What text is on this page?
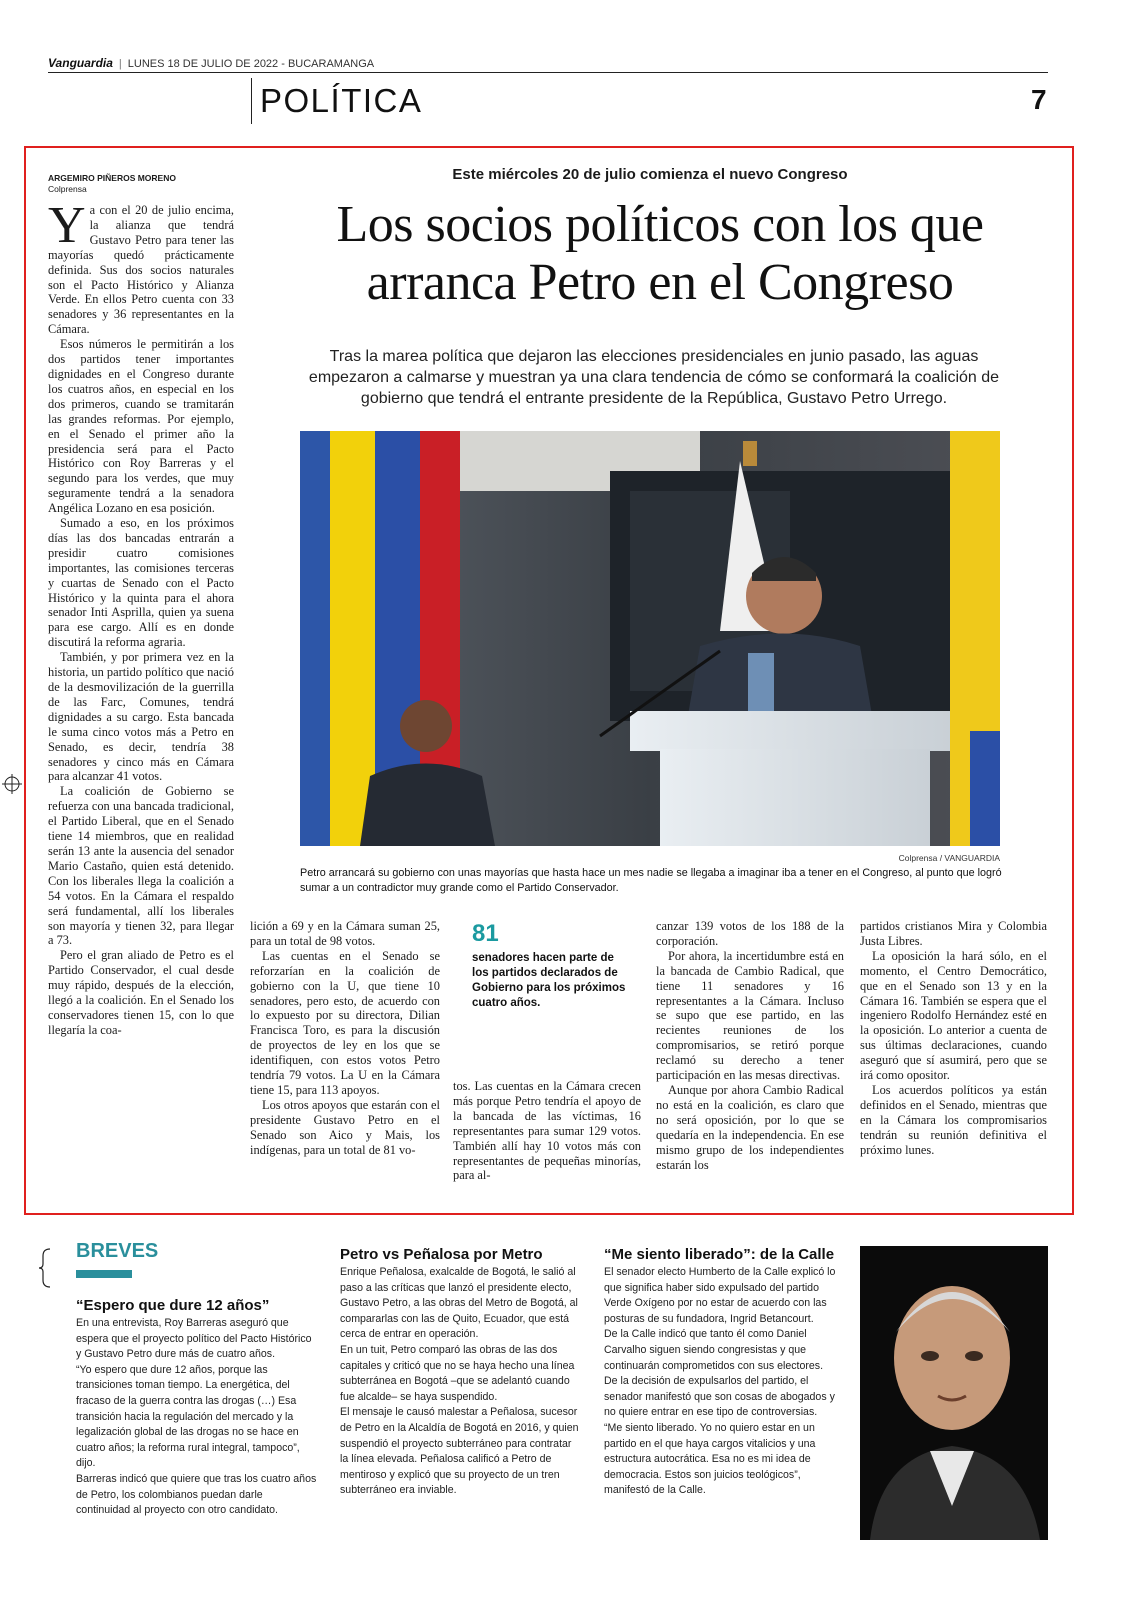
Vanguardia | LUNES 18 DE JULIO DE 2022 - BUCARAMANGA
POLÍTICA	7
ARGEMIRO PIÑEROS MORENO
Colprensa
Este miércoles 20 de julio comienza el nuevo Congreso
Los socios políticos con los que arranca Petro en el Congreso
Tras la marea política que dejaron las elecciones presidenciales en junio pasado, las aguas empezaron a calmarse y muestran ya una clara tendencia de cómo se conformará la coalición de gobierno que tendrá el entrante presidente de la República, Gustavo Petro Urrego.

Ya con el 20 de julio encima, la alianza que tendrá Gustavo Petro para tener las mayorías quedó prácticamente definida. Sus dos socios naturales son el Pacto Histórico y Alianza Verde. En ellos Petro cuenta con 33 senadores y 36 representantes en la Cámara.

Esos números le permitirán a los dos partidos tener importantes dignidades en el Congreso durante los cuatros años, en especial en los dos primeros, cuando se tramitarán las grandes reformas. Por ejemplo, en el Senado el primer año la presidencia será para el Pacto Histórico con Roy Barreras y el segundo para los verdes, que muy seguramente tendrá a la senadora Angélica Lozano en esa posición.

Sumado a eso, en los próximos días las dos bancadas entrarán a presidir cuatro comisiones importantes, las comisiones terceras y cuartas de Senado con el Pacto Histórico y la quinta para el ahora senador Inti Asprilla, quien ya suena para ese cargo. Allí es en donde discutirá la reforma agraria.

También, y por primera vez en la historia, un partido político que nació de la desmovilización de la guerrilla de las Farc, Comunes, tendrá dignidades a su cargo. Esta bancada le suma cinco votos más a Petro en Senado, es decir, tendría 38 senadores y cinco más en Cámara para alcanzar 41 votos.

La coalición de Gobierno se refuerza con una bancada tradicional, el Partido Liberal, que en el Senado tiene 14 miembros, que en realidad serán 13 ante la ausencia del senador Mario Castaño, quien está detenido. Con los liberales llega la coalición a 54 votos. En la Cámara el respaldo será fundamental, allí los liberales son mayoría y tienen 32, para llegar a 73.

Pero el gran aliado de Petro es el Partido Conservador, el cual desde muy rápido, después de la elección, llegó a la coalición. En el Senado los conservadores tienen 15, con lo que llegaría la coa-

Colprensa / VANGUARDIA
Petro arrancará su gobierno con unas mayorías que hasta hace un mes nadie se llegaba a imaginar iba a tener en el Congreso, al punto que logró sumar a un contradictor muy grande como el Partido Conservador.

lición a 69 y en la Cámara suman 25, para un total de 98 votos.

Las cuentas en el Senado se reforzarían en la coalición de gobierno con la U, que tiene 10 senadores, pero esto, de acuerdo con lo expuesto por su directora, Dilian Francisca Toro, es para la discusión de proyectos de ley en los que se identifiquen, con estos votos Petro tendría 79 votos. La U en la Cámara tiene 15, para 113 apoyos.

Los otros apoyos que estarán con el presidente Gustavo Petro en el Senado son Aico y Mais, los indígenas, para un total de 81 vo-

81
senadores hacen parte de los partidos declarados de Gobierno para los próximos cuatro años.

tos. Las cuentas en la Cámara crecen más porque Petro tendría el apoyo de la bancada de las víctimas, 16 representantes para sumar 129 votos. También allí hay 10 votos más con representantes de pequeñas minorías, para al-

canzar 139 votos de los 188 de la corporación.

Por ahora, la incertidumbre está en la bancada de Cambio Radical, que tiene 11 senadores y 16 representantes a la Cámara. Incluso se supo que ese partido, en las recientes reuniones de los compromisarios, se retiró porque reclamó su derecho a tener participación en las mesas directivas.

Aunque por ahora Cambio Radical no está en la coalición, es claro que no será oposición, por lo que se quedaría en la independencia. En ese mismo grupo de los independientes estarán los

partidos cristianos Mira y Colombia Justa Libres.

La oposición la hará sólo, en el momento, el Centro Democrático, que en el Senado son 13 y en la Cámara 16. También se espera que el ingeniero Rodolfo Hernández esté en la oposición. Lo anterior a cuenta de sus últimas declaraciones, cuando aseguró que sí asumirá, pero que se irá como opositor.

Los acuerdos políticos ya están definidos en el Senado, mientras que en la Cámara los compromisarios tendrán su reunión definitiva el próximo lunes.

BREVES
“Espero que dure 12 años”

En una entrevista, Roy Barreras aseguró que espera que el proyecto político del Pacto Histórico y Gustavo Petro dure más de cuatro años.

“Yo espero que dure 12 años, porque las transiciones toman tiempo. La energética, del fracaso de la guerra contra las drogas (…) Esa transición hacia la regulación del mercado y la legalización global de las drogas no se hace en cuatro años; la reforma rural integral, tampoco”, dijo.

Barreras indicó que quiere que tras los cuatro años de Petro, los colombianos puedan darle continuidad al proyecto con otro candidato.

Petro vs Peñalosa por Metro

Enrique Peñalosa, exalcalde de Bogotá, le salió al paso a las críticas que lanzó el presidente electo, Gustavo Petro, a las obras del Metro de Bogotá, al compararlas con las de Quito, Ecuador, que está cerca de entrar en operación.

En un tuit, Petro comparó las obras de las dos capitales y criticó que no se haya hecho una línea subterránea en Bogotá –que se adelantó cuando fue alcalde– se haya suspendido.

El mensaje le causó malestar a Peñalosa, sucesor de Petro en la Alcaldía de Bogotá en 2016, y quien suspendió el proyecto subterráneo para contratar la línea elevada. Peñalosa calificó a Petro de mentiroso y explicó que su proyecto de un tren subterráneo era inviable.

“Me siento liberado”: de la Calle

El senador electo Humberto de la Calle explicó lo que significa haber sido expulsado del partido Verde Oxígeno por no estar de acuerdo con las posturas de su fundadora, Ingrid Betancourt.

De la Calle indicó que tanto él como Daniel Carvalho siguen siendo congresistas y que continuarán comprometidos con sus electores.

De la decisión de expulsarlos del partido, el senador manifestó que son cosas de abogados y no quiere entrar en ese tipo de controversias.

“Me siento liberado. Yo no quiero estar en un partido en el que haya cargos vitalicios y una estructura autocrática. Esa no es mi idea de democracia. Estos son juicios teológicos”, manifestó de la Calle.
